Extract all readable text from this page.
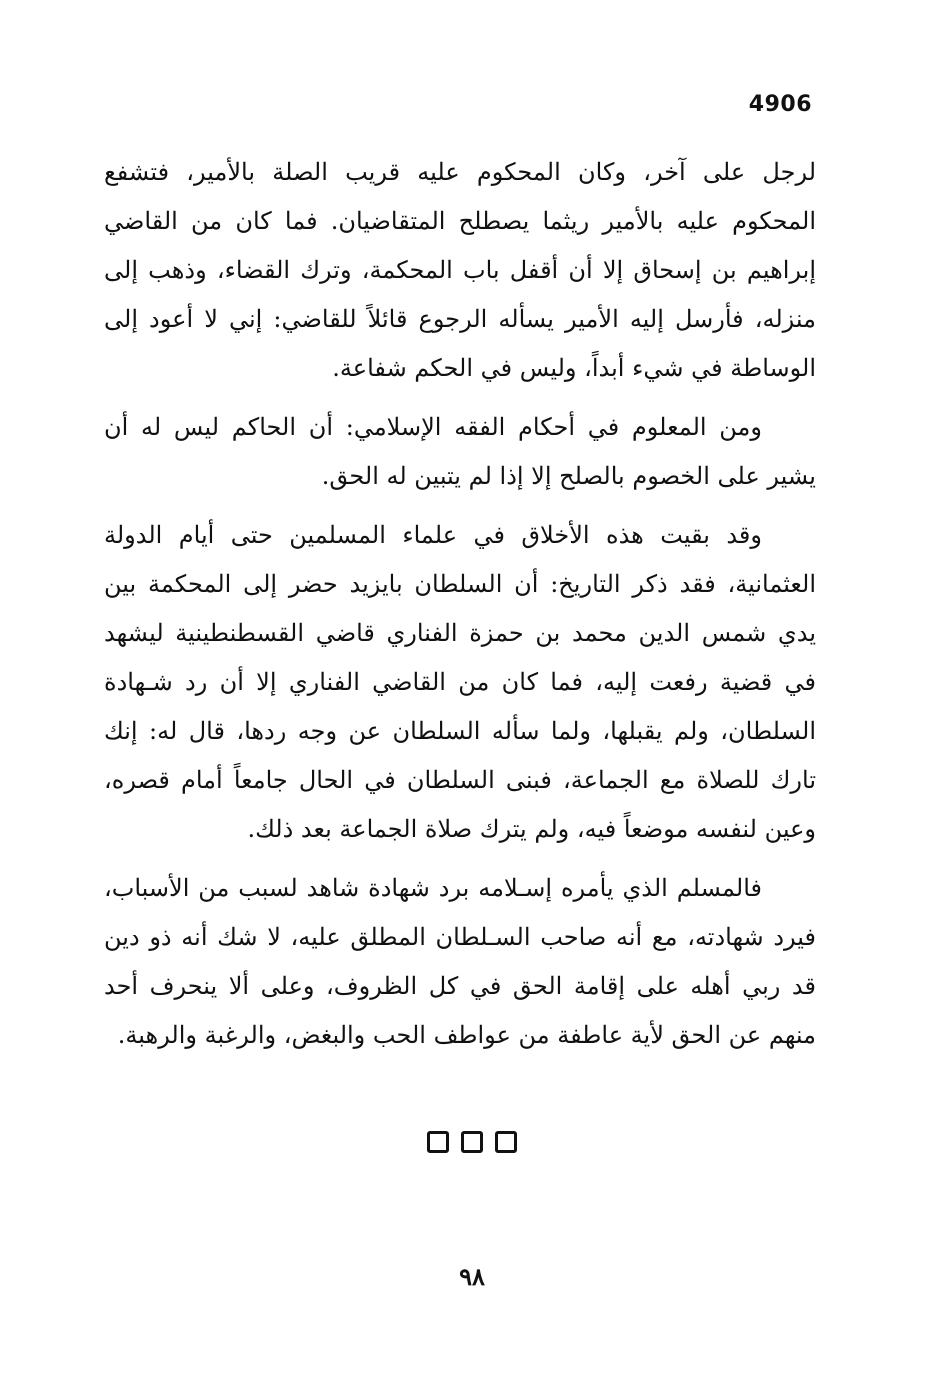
4906

لرجل على آخر، وكان المحكوم عليه قريب الصلة بالأمير، فتشفع المحكوم عليه بالأمير ريثما يصطلح المتقاضيان. فما كان من القاضي إبراهيم بن إسحاق إلا أن أقفل باب المحكمة، وترك القضاء، وذهب إلى منزله، فأرسل إليه الأمير يسأله الرجوع قائلاً للقاضي: إني لا أعود إلى الوساطة في شيء أبداً، وليس في الحكم شفاعة.

ومن المعلوم في أحكام الفقه الإسلامي: أن الحاكم ليس له أن يشير على الخصوم بالصلح إلا إذا لم يتبين له الحق.

وقد بقيت هذه الأخلاق في علماء المسلمين حتى أيام الدولة العثمانية، فقد ذكر التاريخ: أن السلطان بايزيد حضر إلى المحكمة بين يدي شمس الدين محمد بن حمزة الفناري قاضي القسطنطينية ليشهد في قضية رفعت إليه، فما كان من القاضي الفناري إلا أن رد شـهادة السلطان، ولم يقبلها، ولما سأله السلطان عن وجه ردها، قال له: إنك تارك للصلاة مع الجماعة، فبنى السلطان في الحال جامعاً أمام قصره، وعين لنفسه موضعاً فيه، ولم يترك صلاة الجماعة بعد ذلك.

فالمسلم الذي يأمره إسـلامه برد شهادة شاهد لسبب من الأسباب، فيرد شهادته، مع أنه صاحب السـلطان المطلق عليه، لا شك أنه ذو دين قد ربي أهله على إقامة الحق في كل الظروف، وعلى ألا ينحرف أحد منهم عن الحق لأية عاطفة من عواطف الحب والبغض، والرغبة والرهبة.

٩٨
